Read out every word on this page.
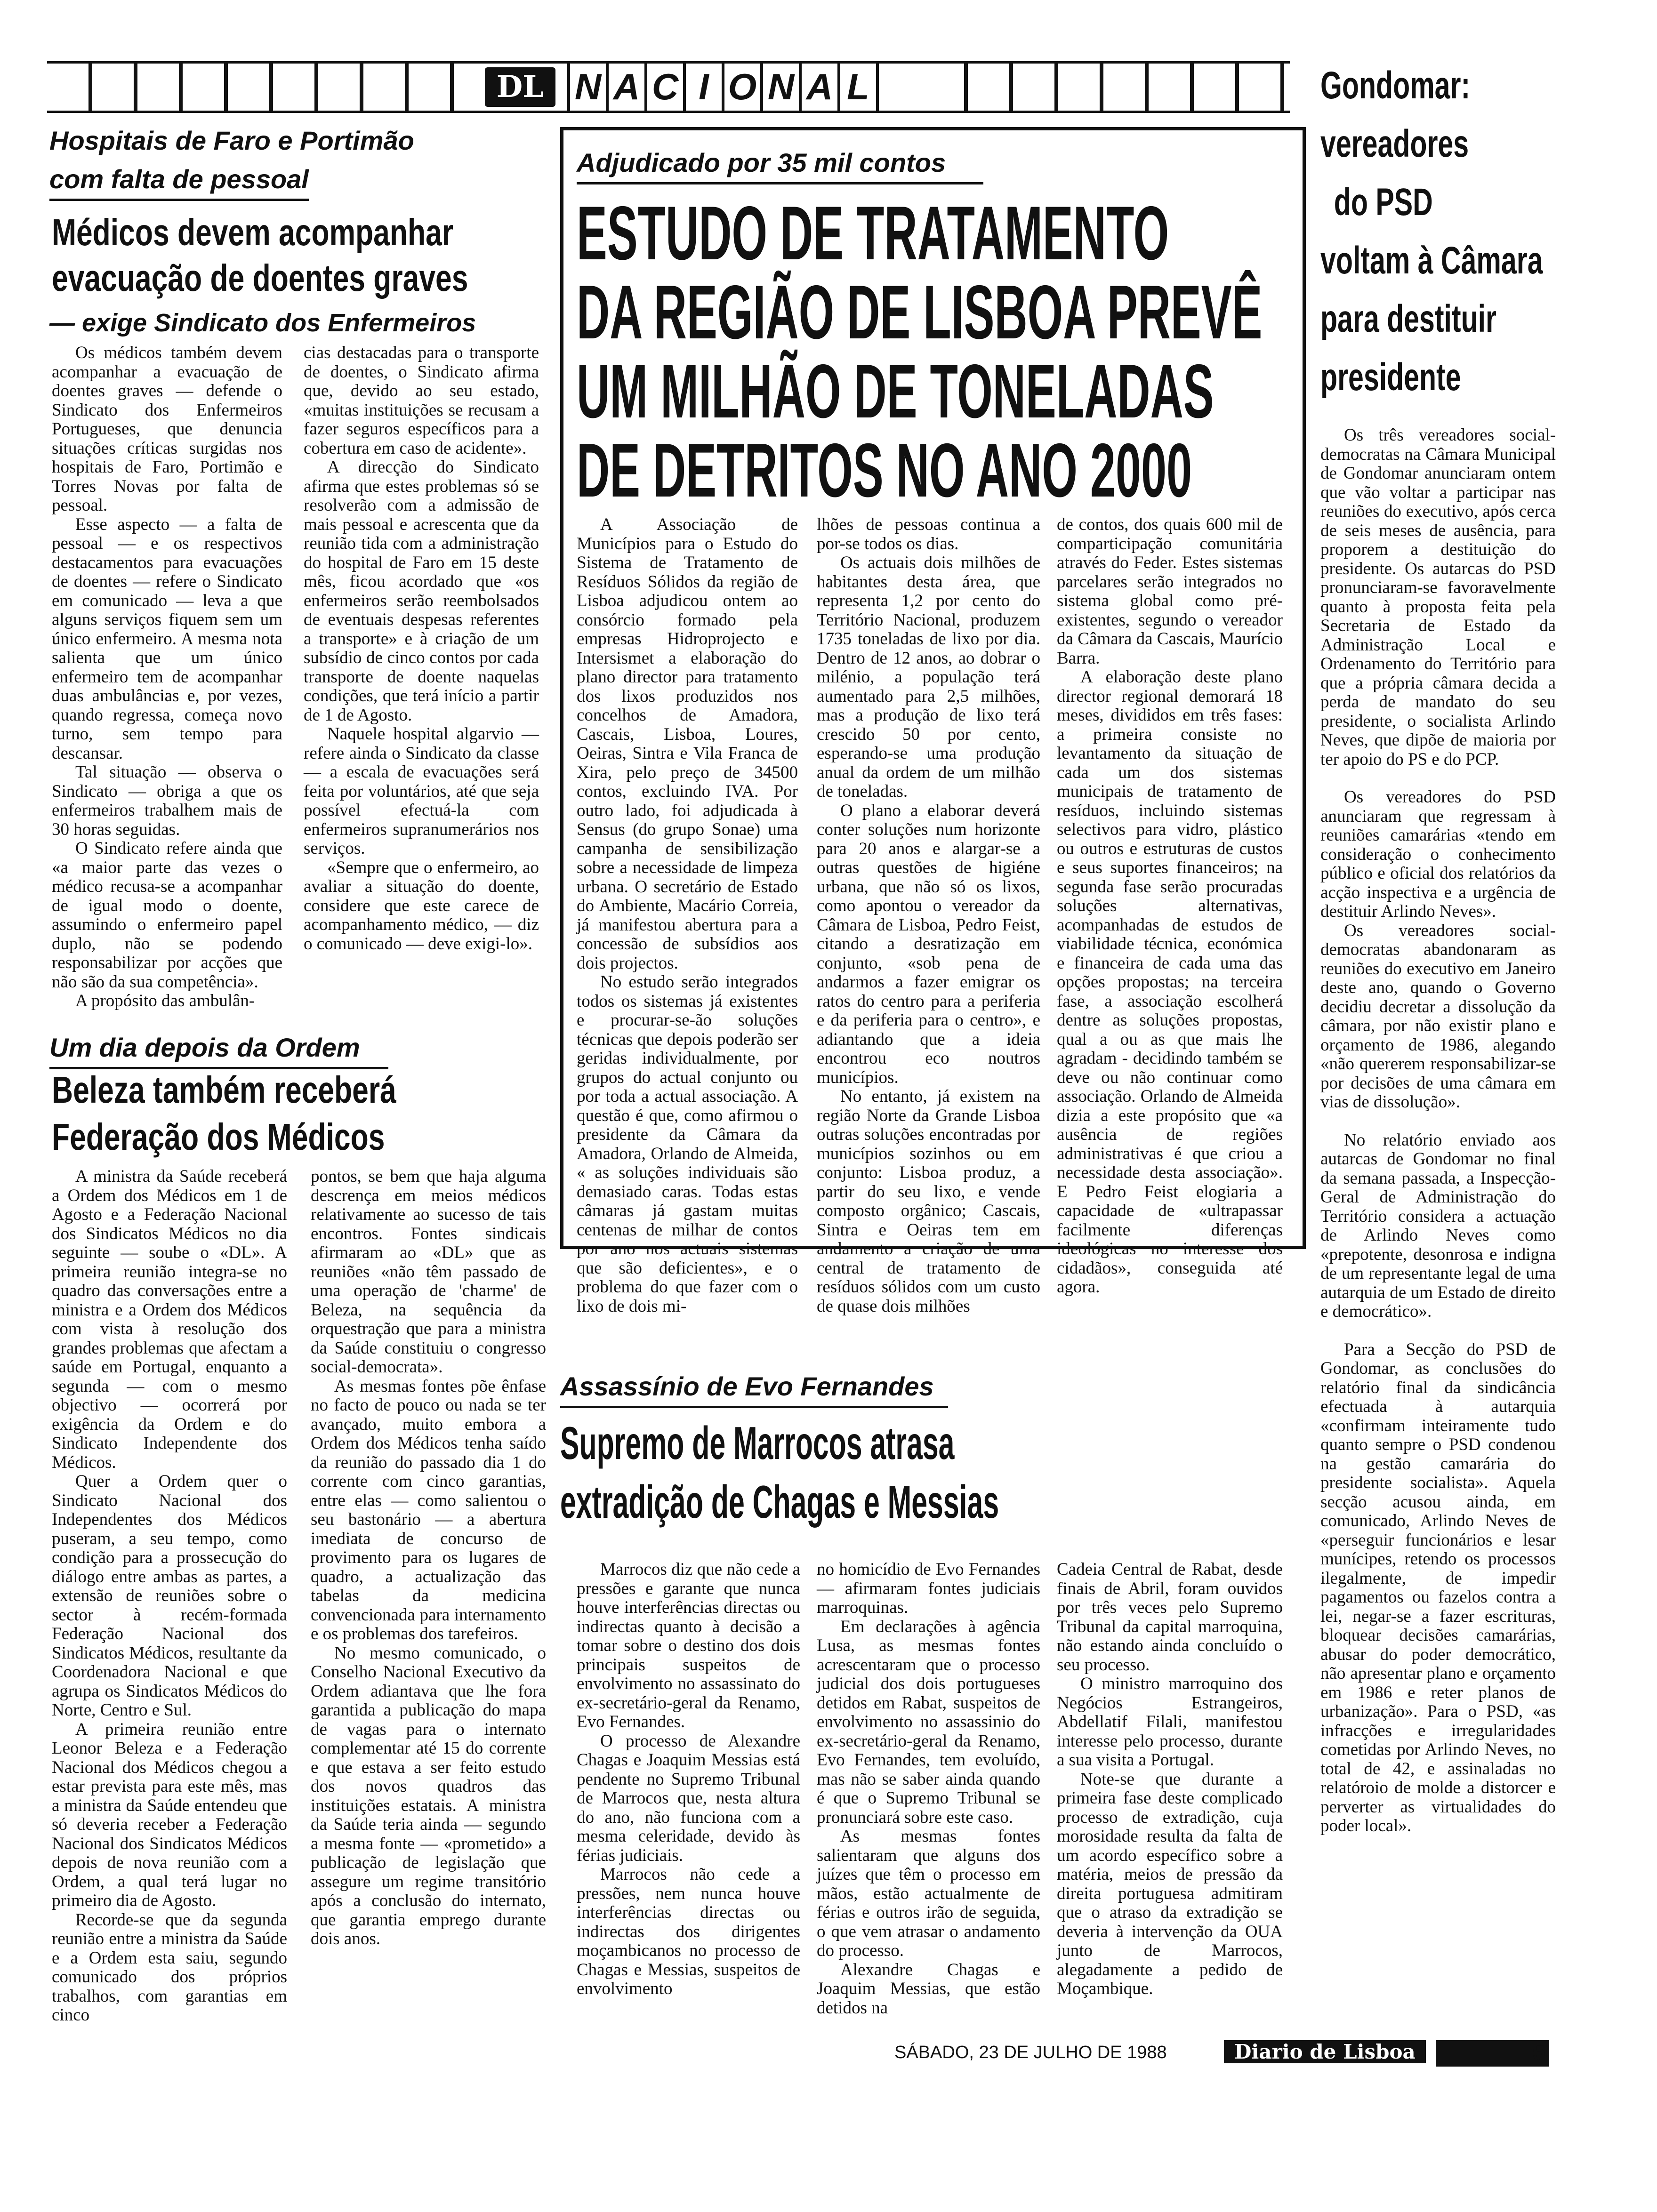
DL N A C I O N A L
Hospitais de Faro e Portimão
com falta de pessoal
Médicos devem acompanhar
evacuação de doentes graves
— exige Sindicato dos Enfermeiros

Os médicos também devem acompanhar a evacuação de doentes graves — defende o Sindicato dos Enfermeiros Portugueses, que denuncia situações críticas surgidas nos hospitais de Faro, Portimão e Torres Novas por falta de pessoal.

Esse aspecto — a falta de pessoal — e os respectivos destacamentos para evacuações de doentes — refere o Sindicato em comunicado — leva a que alguns serviços fiquem sem um único enfermeiro. A mesma nota salienta que um único enfermeiro tem de acompanhar duas ambulâncias e, por vezes, quando regressa, começa novo turno, sem tempo para descansar.

Tal situação — observa o Sindicato — obriga a que os enfermeiros trabalhem mais de 30 horas seguidas.

O Sindicato refere ainda que «a maior parte das vezes o médico recusa-se a acompanhar de igual modo o doente, assumindo o enfermeiro papel duplo, não se podendo responsabilizar por acções que não são da sua competência».

A propósito das ambulân-

cias destacadas para o transporte de doentes, o Sindicato afirma que, devido ao seu estado, «muitas instituições se recusam a fazer seguros específicos para a cobertura em caso de acidente».

A direcção do Sindicato afirma que estes problemas só se resolverão com a admissão de mais pessoal e acrescenta que da reunião tida com a administração do hospital de Faro em 15 deste mês, ficou acordado que «os enfermeiros serão reembolsados de eventuais despesas referentes a transporte» e à criação de um subsídio de cinco contos por cada transporte de doente naquelas condições, que terá início a partir de 1 de Agosto.

Naquele hospital algarvio — refere ainda o Sindicato da classe — a escala de evacuações será feita por voluntários, até que seja possível efectuá-la com enfermeiros supranumerários nos serviços.

«Sempre que o enfermeiro, ao avaliar a situação do doente, considere que este carece de acompanhamento médico, — diz o comunicado — deve exigi-lo».

Um dia depois da Ordem
Beleza também receberá
Federação dos Médicos

A ministra da Saúde receberá a Ordem dos Médicos em 1 de Agosto e a Federação Nacional dos Sindicatos Médicos no dia seguinte — soube o «DL». A primeira reunião integra-se no quadro das conversações entre a ministra e a Ordem dos Médicos com vista à resolução dos grandes problemas que afectam a saúde em Portugal, enquanto a segunda — com o mesmo objectivo — ocorrerá por exigência da Ordem e do Sindicato Independente dos Médicos.

Quer a Ordem quer o Sindicato Nacional dos Independentes dos Médicos puseram, a seu tempo, como condição para a prossecução do diálogo entre ambas as partes, a extensão de reuniões sobre o sector à recém-formada Federação Nacional dos Sindicatos Médicos, resultante da Coordenadora Nacional e que agrupa os Sindicatos Médicos do Norte, Centro e Sul.

A primeira reunião entre Leonor Beleza e a Federação Nacional dos Médicos chegou a estar prevista para este mês, mas a ministra da Saúde entendeu que só deveria receber a Federação Nacional dos Sindicatos Médicos depois de nova reunião com a Ordem, a qual terá lugar no primeiro dia de Agosto.

Recorde-se que da segunda reunião entre a ministra da Saúde e a Ordem esta saiu, segundo comunicado dos próprios trabalhos, com garantias em cinco

pontos, se bem que haja alguma descrença em meios médicos relativamente ao sucesso de tais encontros. Fontes sindicais afirmaram ao «DL» que as reuniões «não têm passado de uma operação de 'charme' de Beleza, na sequência da orquestração que para a ministra da Saúde constituiu o congresso social-democrata».

As mesmas fontes põe ênfase no facto de pouco ou nada se ter avançado, muito embora a Ordem dos Médicos tenha saído da reunião do passado dia 1 do corrente com cinco garantias, entre elas — como salientou o seu bastonário — a abertura imediata de concurso de provimento para os lugares de quadro, a actualização das tabelas da medicina convencionada para internamento e os problemas dos tarefeiros.

No mesmo comunicado, o Conselho Nacional Executivo da Ordem adiantava que lhe fora garantida a publicação do mapa de vagas para o internato complementar até 15 do corrente e que estava a ser feito estudo dos novos quadros das instituições estatais. A ministra da Saúde teria ainda — segundo a mesma fonte — «prometido» a publicação de legislação que assegure um regime transitório após a conclusão do internato, que garantia emprego durante dois anos.

Adjudicado por 35 mil contos
ESTUDO DE TRATAMENTO
DA REGIÃO DE LISBOA PREVÊ
UM MILHÃO DE TONELADAS
DE DETRITOS NO ANO 2000

A Associação de Municípios para o Estudo do Sistema de Tratamento de Resíduos Sólidos da região de Lisboa adjudicou ontem ao consórcio formado pela empresas Hidroprojecto e Intersismet a elaboração do plano director para tratamento dos lixos produzidos nos concelhos de Amadora, Cascais, Lisboa, Loures, Oeiras, Sintra e Vila Franca de Xira, pelo preço de 34500 contos, excluindo IVA. Por outro lado, foi adjudicada à Sensus (do grupo Sonae) uma campanha de sensibilização sobre a necessidade de limpeza urbana. O secretário de Estado do Ambiente, Macário Correia, já manifestou abertura para a concessão de subsídios aos dois projectos.

No estudo serão integrados todos os sistemas já existentes e procurar-se-ão soluções técnicas que depois poderão ser geridas individualmente, por grupos do actual conjunto ou por toda a actual associação. A questão é que, como afirmou o presidente da Câmara da Amadora, Orlando de Almeida, « as soluções individuais são demasiado caras. Todas estas câmaras já gastam muitas centenas de milhar de contos por ano nos actuais sistemas que são deficientes», e o problema do que fazer com o lixo de dois mi-

lhões de pessoas continua a por-se todos os dias.

Os actuais dois milhões de habitantes desta área, que representa 1,2 por cento do Território Nacional, produzem 1735 toneladas de lixo por dia. Dentro de 12 anos, ao dobrar o milénio, a população terá aumentado para 2,5 milhões, mas a produção de lixo terá crescido 50 por cento, esperando-se uma produção anual da ordem de um milhão de toneladas.

O plano a elaborar deverá conter soluções num horizonte para 20 anos e alargar-se a outras questões de higiéne urbana, que não só os lixos, como apontou o vereador da Câmara de Lisboa, Pedro Feist, citando a desratização em conjunto, «sob pena de andarmos a fazer emigrar os ratos do centro para a periferia e da periferia para o centro», e adiantando que a ideia encontrou eco noutros municípios.

No entanto, já existem na região Norte da Grande Lisboa outras soluções encontradas por municípios sozinhos ou em conjunto: Lisboa produz, a partir do seu lixo, e vende composto orgânico; Cascais, Sintra e Oeiras tem em andamento a criação de uma central de tratamento de resíduos sólidos com um custo de quase dois milhões

de contos, dos quais 600 mil de comparticipação comunitária através do Feder. Estes sistemas parcelares serão integrados no sistema global como pré-existentes, segundo o vereador da Câmara da Cascais, Maurício Barra.

A elaboração deste plano director regional demorará 18 meses, divididos em três fases: a primeira consiste no levantamento da situação de cada um dos sistemas municipais de tratamento de resíduos, incluindo sistemas selectivos para vidro, plástico ou outros e estruturas de custos e seus suportes financeiros; na segunda fase serão procuradas soluções alternativas, acompanhadas de estudos de viabilidade técnica, económica e financeira de cada uma das opções propostas; na terceira fase, a associação escolherá dentre as soluções propostas, qual a ou as que mais lhe agradam - decidindo também se deve ou não continuar como associação. Orlando de Almeida dizia a este propósito que «a ausência de regiões administrativas é que criou a necessidade desta associação». E Pedro Feist elogiaria a capacidade de «ultrapassar facilmente diferenças ideológicas no interesse dos cidadãos», conseguida até agora.

Assassínio de Evo Fernandes
Supremo de Marrocos atrasa
extradição de Chagas e Messias

Marrocos diz que não cede a pressões e garante que nunca houve interferências directas ou indirectas quanto à decisão a tomar sobre o destino dos dois principais suspeitos de envolvimento no assassinato do ex-secretário-geral da Renamo, Evo Fernandes.

O processo de Alexandre Chagas e Joaquim Messias está pendente no Supremo Tribunal de Marrocos que, nesta altura do ano, não funciona com a mesma celeridade, devido às férias judiciais.

Marrocos não cede a pressões, nem nunca houve interferências directas ou indirectas dos dirigentes moçambicanos no processo de Chagas e Messias, suspeitos de envolvimento

no homicídio de Evo Fernandes — afirmaram fontes judiciais marroquinas.

Em declarações à agência Lusa, as mesmas fontes acrescentaram que o processo judicial dos dois portugueses detidos em Rabat, suspeitos de envolvimento no assassinio do ex-secretário-geral da Renamo, Evo Fernandes, tem evoluído, mas não se saber ainda quando é que o Supremo Tribunal se pronunciará sobre este caso.

As mesmas fontes salientaram que alguns dos juízes que têm o processo em mãos, estão actualmente de férias e outros irão de seguida, o que vem atrasar o andamento do processo.

Alexandre Chagas e Joaquim Messias, que estão detidos na

Cadeia Central de Rabat, desde finais de Abril, foram ouvidos por três veces pelo Supremo Tribunal da capital marroquina, não estando ainda concluído o seu processo.

O ministro marroquino dos Negócios Estrangeiros, Abdellatif Filali, manifestou interesse pelo processo, durante a sua visita a Portugal.

Note-se que durante a primeira fase deste complicado processo de extradição, cuja morosidade resulta da falta de um acordo específico sobre a matéria, meios de pressão da direita portuguesa admitiram que o atraso da extradição se deveria à intervenção da OUA junto de Marrocos, alegadamente a pedido de Moçambique.

Gondomar:
vereadores
do PSD
voltam à Câmara
para destituir
presidente

Os três vereadores social-democratas na Câmara Municipal de Gondomar anunciaram ontem que vão voltar a participar nas reuniões do executivo, após cerca de seis meses de ausência, para proporem a destituição do presidente. Os autarcas do PSD pronunciaram-se favoravelmente quanto à proposta feita pela Secretaria de Estado da Administração Local e Ordenamento do Território para que a própria câmara decida a perda de mandato do seu presidente, o socialista Arlindo Neves, que dipõe de maioria por ter apoio do PS e do PCP.

Os vereadores do PSD anunciaram que regressam à reuniões camarárias «tendo em consideração o conhecimento público e oficial dos relatórios da acção inspectiva e a urgência de destituir Arlindo Neves».

Os vereadores social-democratas abandonaram as reuniões do executivo em Janeiro deste ano, quando o Governo decidiu decretar a dissolução da câmara, por não existir plano e orçamento de 1986, alegando «não quererem responsabilizar-se por decisões de uma câmara em vias de dissolução».

No relatório enviado aos autarcas de Gondomar no final da semana passada, a Inspecção-Geral de Administração do Território considera a actuação de Arlindo Neves como «prepotente, desonrosa e indigna de um representante legal de uma autarquia de um Estado de direito e democrático».

Para a Secção do PSD de Gondomar, as conclusões do relatório final da sindicância efectuada à autarquia «confirmam inteiramente tudo quanto sempre o PSD condenou na gestão camarária do presidente socialista». Aquela secção acusou ainda, em comunicado, Arlindo Neves de «perseguir funcionários e lesar munícipes, retendo os processos ilegalmente, de impedir pagamentos ou fazelos contra a lei, negar-se a fazer escrituras, bloquear decisões camarárias, abusar do poder democrático, não apresentar plano e orçamento em 1986 e reter planos de urbanização». Para o PSD, «as infracções e irregularidades cometidas por Arlindo Neves, no total de 42, e assinaladas no relatóroio de molde a distorcer e perverter as virtualidades do poder local».

SÁBADO, 23 DE JULHO DE 1988	Diario de Lisboa	5
